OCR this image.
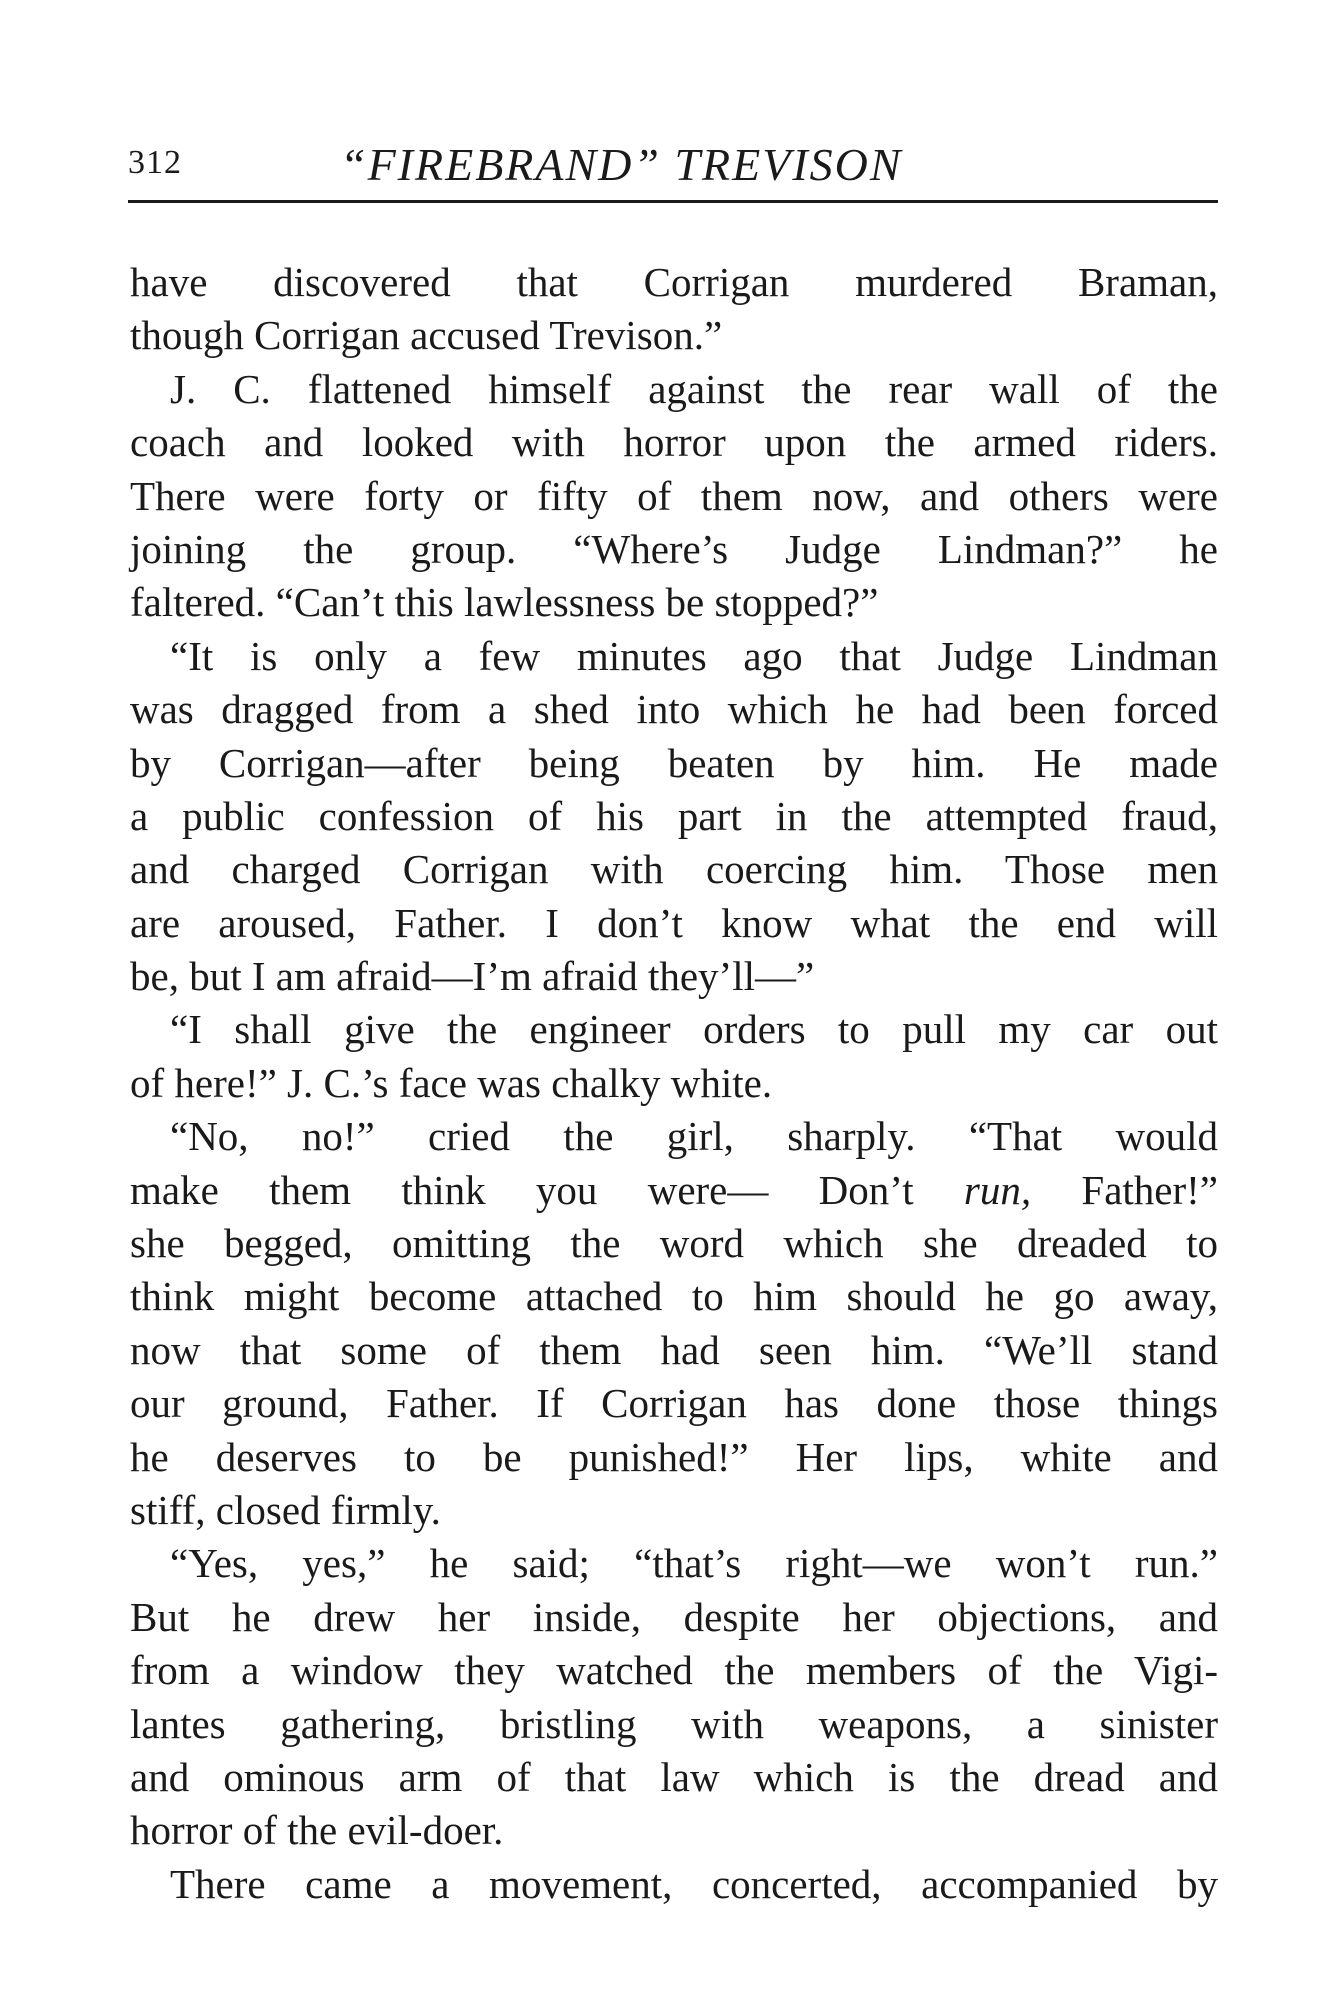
312	“FIREBRAND” TREVISON
have discovered that Corrigan murdered Braman,
though Corrigan accused Trevison.”
J. C. flattened himself against the rear wall of the
coach and looked with horror upon the armed riders.
There were forty or fifty of them now, and others were
joining the group. “Where’s Judge Lindman?” he
faltered. “Can’t this lawlessness be stopped?”
“It is only a few minutes ago that Judge Lindman
was dragged from a shed into which he had been forced
by Corrigan—after being beaten by him. He made
a public confession of his part in the attempted fraud,
and charged Corrigan with coercing him. Those men
are aroused, Father. I don’t know what the end will
be, but I am afraid—I’m afraid they’ll—”
“I shall give the engineer orders to pull my car out
of here!” J. C.’s face was chalky white.
“No, no!” cried the girl, sharply. “That would
make them think you were— Don’t run, Father!”
she begged, omitting the word which she dreaded to
think might become attached to him should he go away,
now that some of them had seen him. “We’ll stand
our ground, Father. If Corrigan has done those things
he deserves to be punished!” Her lips, white and
stiff, closed firmly.
“Yes, yes,” he said; “that’s right—we won’t run.”
But he drew her inside, despite her objections, and
from a window they watched the members of the Vigi-
lantes gathering, bristling with weapons, a sinister
and ominous arm of that law which is the dread and
horror of the evil-doer.
There came a movement, concerted, accompanied by
